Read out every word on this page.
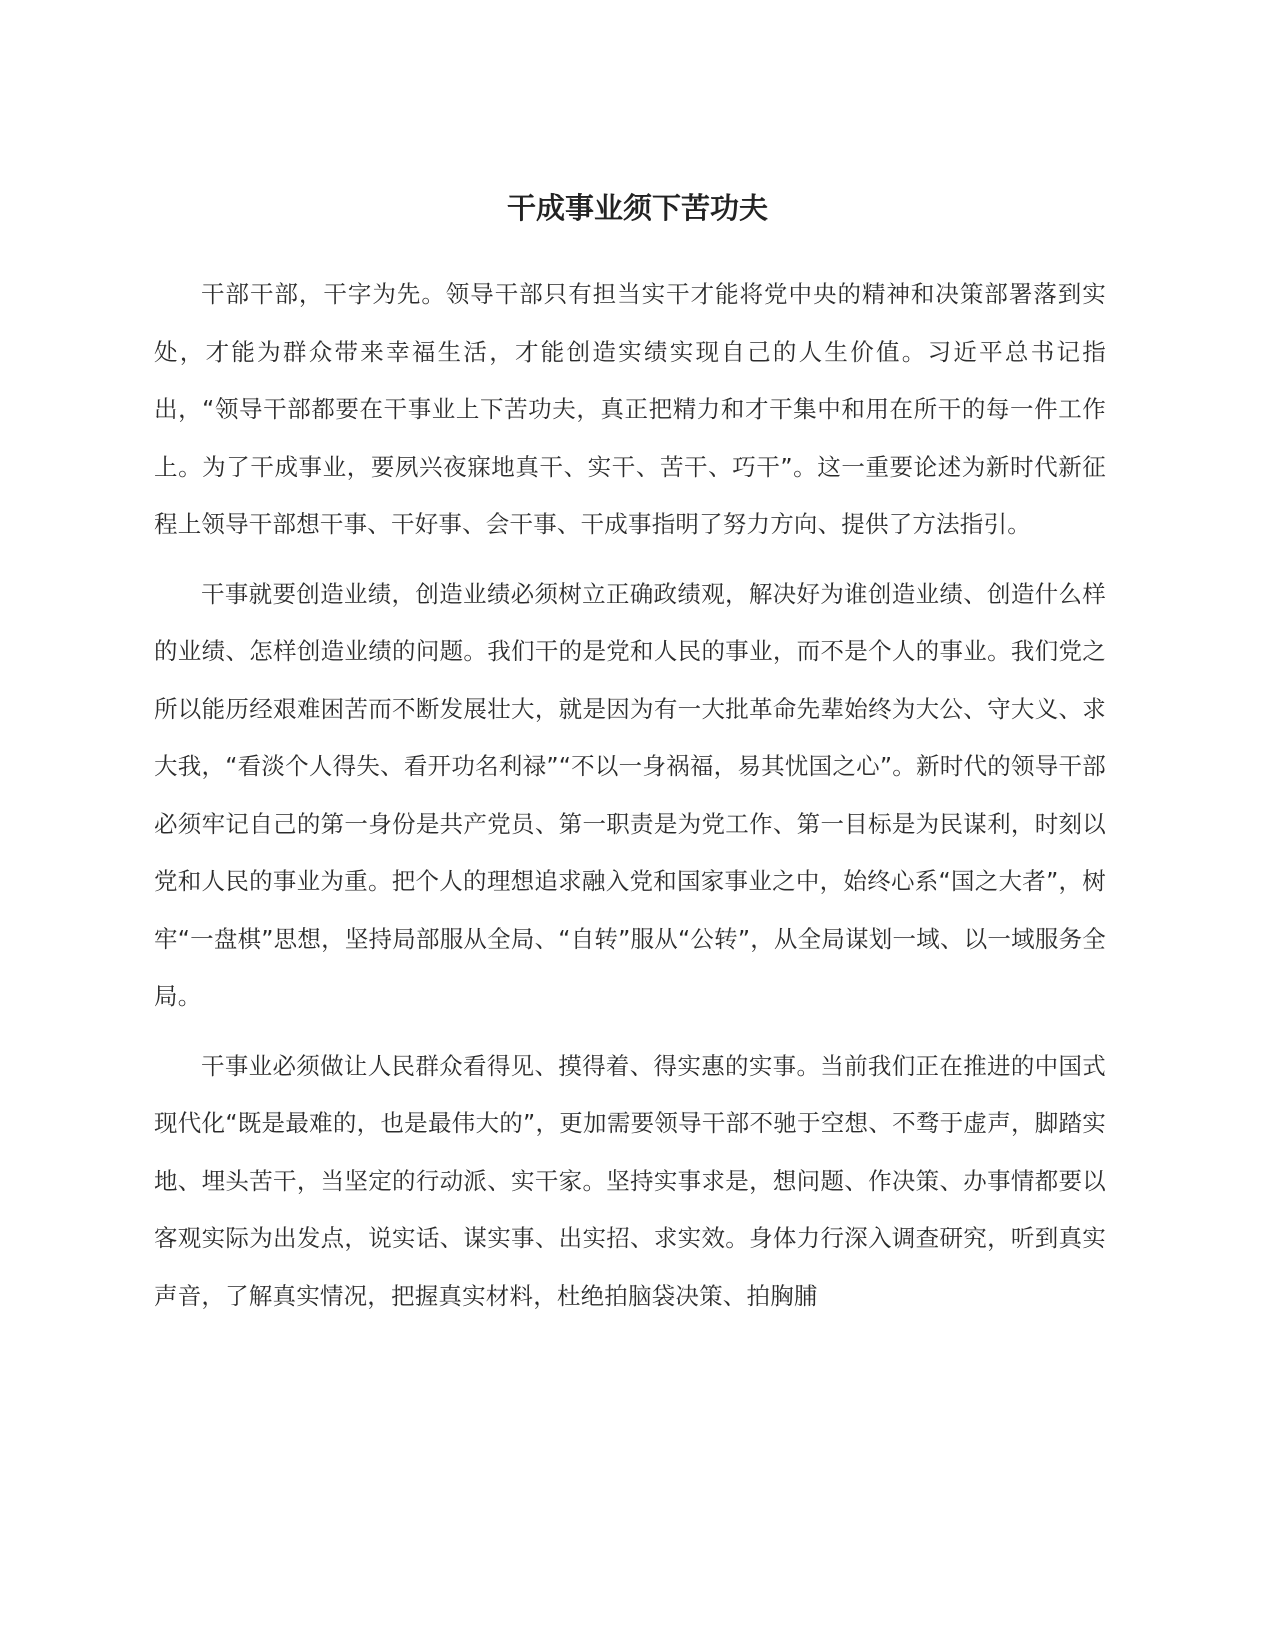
干成事业须下苦功夫

干部干部，干字为先。领导干部只有担当实干才能将党中央的精神和决策部署落到实处，才能为群众带来幸福生活，才能创造实绩实现自己的人生价值。习近平总书记指出，“领导干部都要在干事业上下苦功夫，真正把精力和才干集中和用在所干的每一件工作上。为了干成事业，要夙兴夜寐地真干、实干、苦干、巧干”。这一重要论述为新时代新征程上领导干部想干事、干好事、会干事、干成事指明了努力方向、提供了方法指引。

干事就要创造业绩，创造业绩必须树立正确政绩观，解决好为谁创造业绩、创造什么样的业绩、怎样创造业绩的问题。我们干的是党和人民的事业，而不是个人的事业。我们党之所以能历经艰难困苦而不断发展壮大，就是因为有一大批革命先辈始终为大公、守大义、求大我，“看淡个人得失、看开功名利禄”“不以一身祸福，易其忧国之心”。新时代的领导干部必须牢记自己的第一身份是共产党员、第一职责是为党工作、第一目标是为民谋利，时刻以党和人民的事业为重。把个人的理想追求融入党和国家事业之中，始终心系“国之大者”，树牢“一盘棋”思想，坚持局部服从全局、“自转”服从“公转”，从全局谋划一域、以一域服务全局。

干事业必须做让人民群众看得见、摸得着、得实惠的实事。当前我们正在推进的中国式现代化“既是最难的，也是最伟大的”，更加需要领导干部不驰于空想、不骛于虚声，脚踏实地、埋头苦干，当坚定的行动派、实干家。坚持实事求是，想问题、作决策、办事情都要以客观实际为出发点，说实话、谋实事、出实招、求实效。身体力行深入调查研究，听到真实声音，了解真实情况，把握真实材料，杜绝拍脑袋决策、拍胸脯
